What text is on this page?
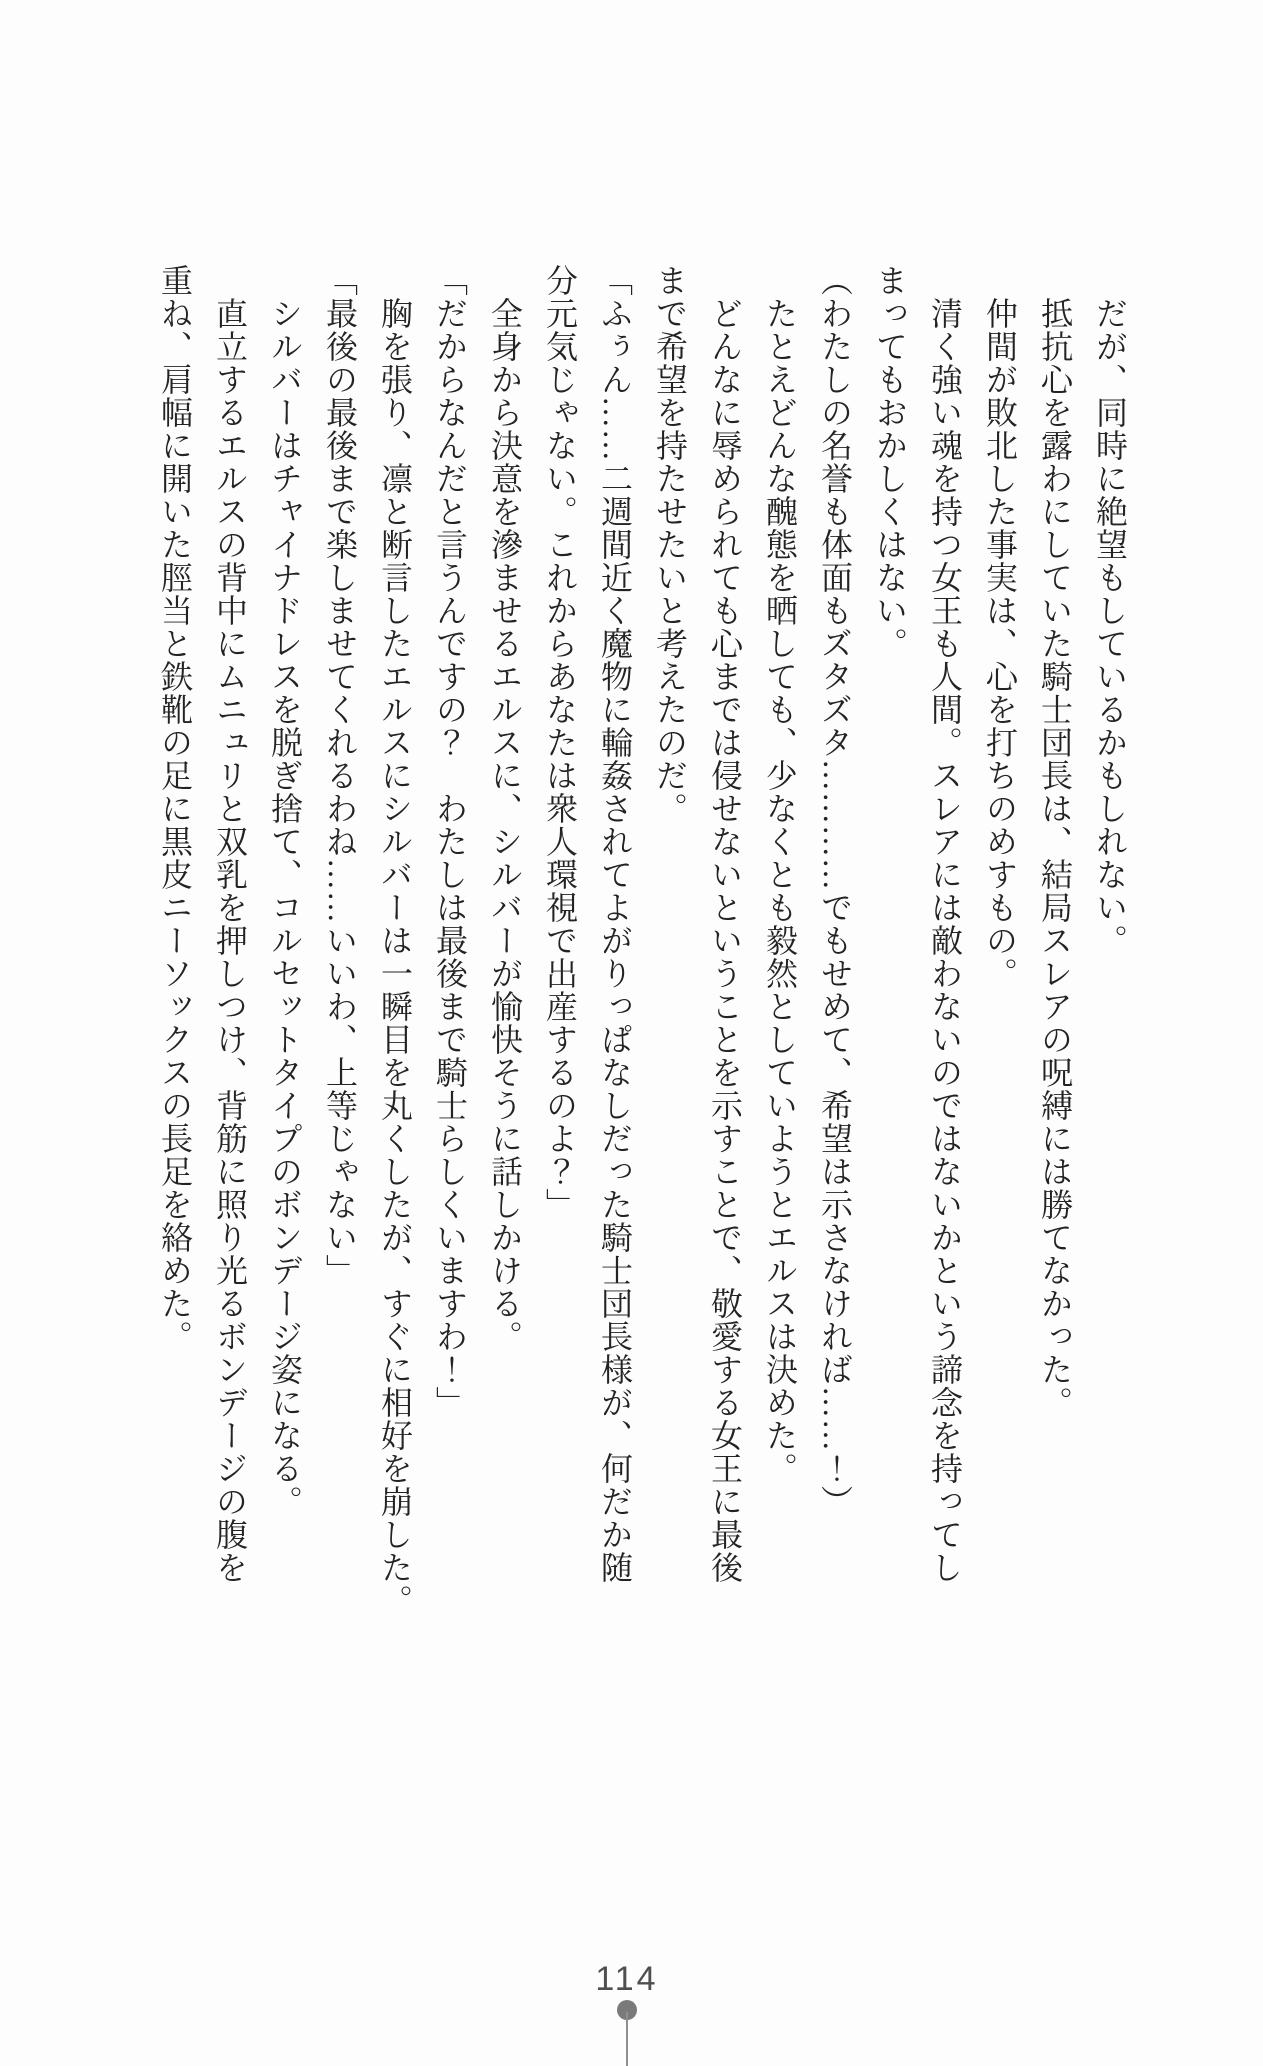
だが、同時に絶望もしているかもしれない。
抵抗心を露わにしていた騎士団長は、結局スレアの呪縛には勝てなかった。
仲間が敗北した事実は、心を打ちのめすもの。
清く強い魂を持つ女王も人間。スレアには敵わないのではないかという諦念を持ってし
まってもおかしくはない。
（わたしの名誉も体面もズタズタ…………でもせめて、希望は示さなければ……！）
たとえどんな醜態を晒しても、少なくとも毅然としていようとエルスは決めた。
どんなに辱められても心までは侵せないということを示すことで、敬愛する女王に最後
まで希望を持たせたいと考えたのだ。
「ふぅん……二週間近く魔物に輪姦されてよがりっぱなしだった騎士団長様が、何だか随
分元気じゃない。これからあなたは衆人環視で出産するのよ？」
全身から決意を滲ませるエルスに、シルバーが愉快そうに話しかける。
「だからなんだと言うんですの？　わたしは最後まで騎士らしくいますわ！」
胸を張り、凛と断言したエルスにシルバーは一瞬目を丸くしたが、すぐに相好を崩した。
「最後の最後まで楽しませてくれるわね……いいわ、上等じゃない」
シルバーはチャイナドレスを脱ぎ捨て、コルセットタイプのボンデージ姿になる。
直立するエルスの背中にムニュリと双乳を押しつけ、背筋に照り光るボンデージの腹を
重ね、肩幅に開いた脛当と鉄靴の足に黒皮ニーソックスの長足を絡めた。
114
